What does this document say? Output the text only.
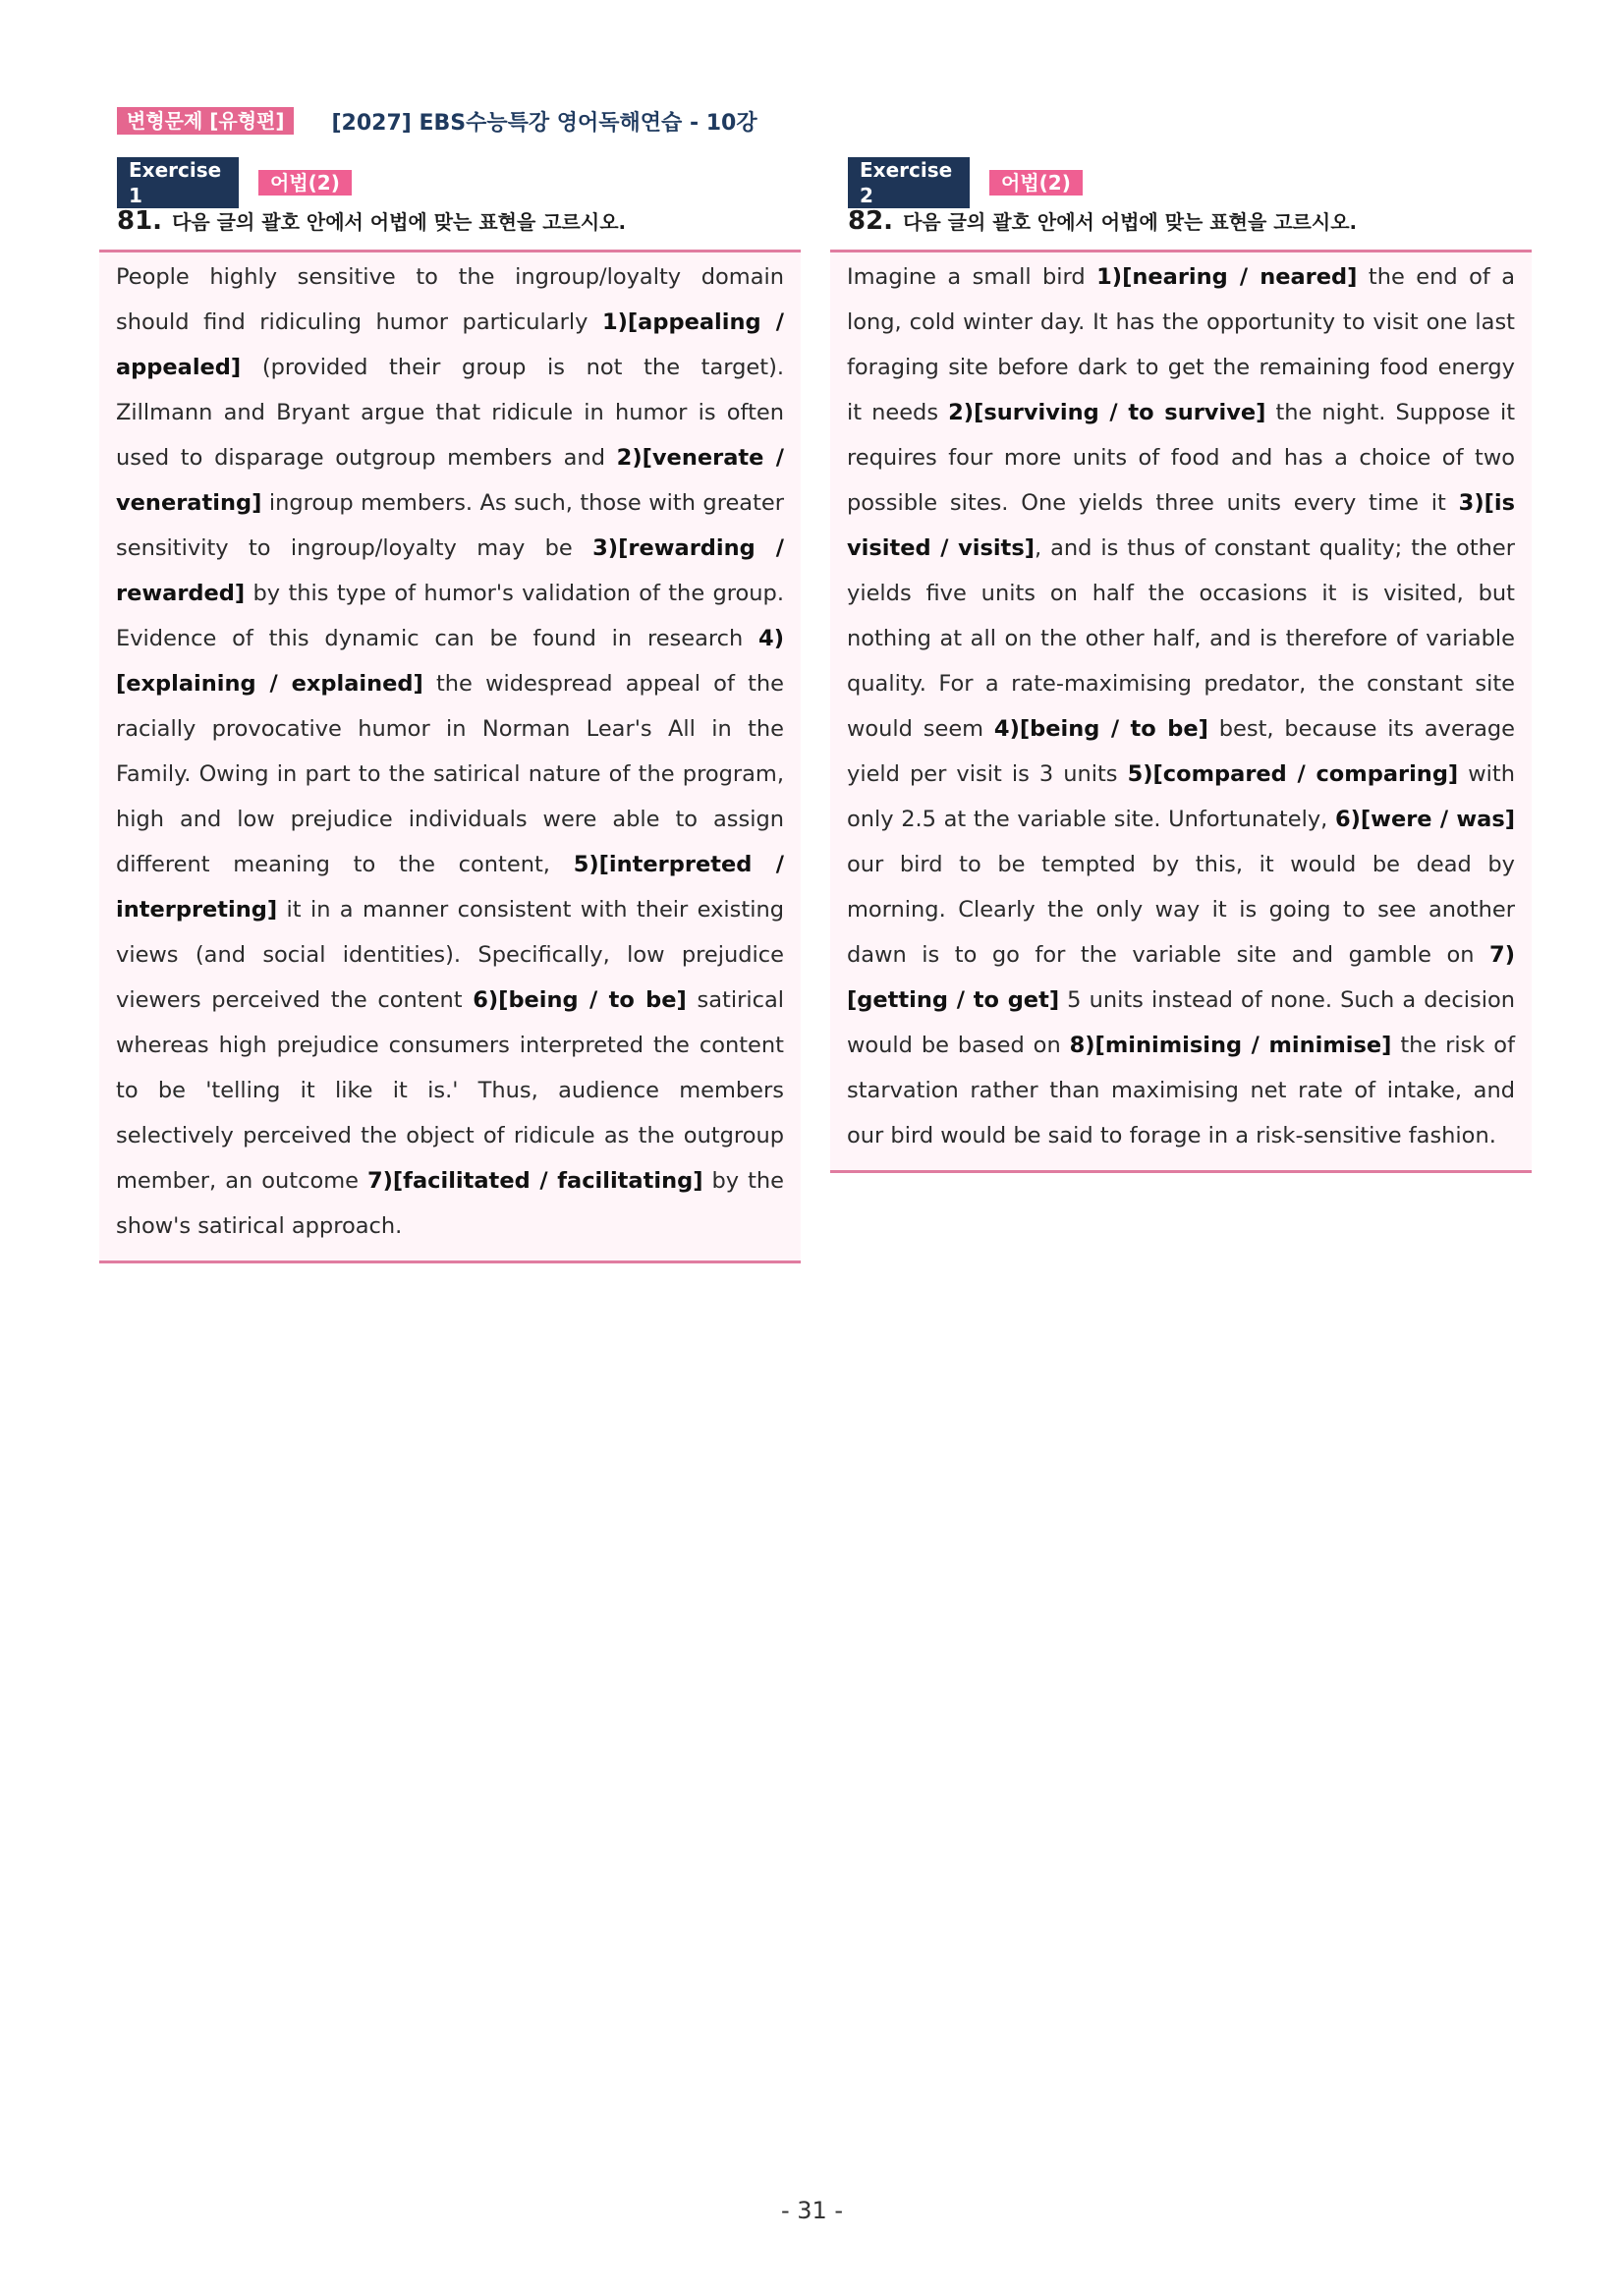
변형문제 [유형편]	[2027] EBS수능특강 영어독해연습 - 10강
Exercise 1
어법(2)
81. 다음 글의 괄호 안에서 어법에 맞는 표현을 고르시오.
People highly sensitive to the ingroup/loyalty domain should find ridiculing humor particularly 1)[appealing / appealed] (provided their group is not the target). Zillmann and Bryant argue that ridicule in humor is often used to disparage outgroup members and 2)[venerate / venerating] ingroup members. As such, those with greater sensitivity to ingroup/loyalty may be 3)[rewarding / rewarded] by this type of humor's validation of the group. Evidence of this dynamic can be found in research 4)[explaining / explained] the widespread appeal of the racially provocative humor in Norman Lear's All in the Family. Owing in part to the satirical nature of the program, high and low prejudice individuals were able to assign different meaning to the content, 5)[interpreted / interpreting] it in a manner consistent with their existing views (and social identities). Specifically, low prejudice viewers perceived the content 6)[being / to be] satirical whereas high prejudice consumers interpreted the content to be 'telling it like it is.' Thus, audience members selectively perceived the object of ridicule as the outgroup member, an outcome 7)[facilitated / facilitating] by the show's satirical approach.
Exercise 2
어법(2)
82. 다음 글의 괄호 안에서 어법에 맞는 표현을 고르시오.
Imagine a small bird 1)[nearing / neared] the end of a long, cold winter day. It has the opportunity to visit one last foraging site before dark to get the remaining food energy it needs 2)[surviving / to survive] the night. Suppose it requires four more units of food and has a choice of two possible sites. One yields three units every time it 3)[is visited / visits], and is thus of constant quality; the other yields five units on half the occasions it is visited, but nothing at all on the other half, and is therefore of variable quality. For a rate-maximising predator, the constant site would seem 4)[being / to be] best, because its average yield per visit is 3 units 5)[compared / comparing] with only 2.5 at the variable site. Unfortunately, 6)[were / was] our bird to be tempted by this, it would be dead by morning. Clearly the only way it is going to see another dawn is to go for the variable site and gamble on 7)[getting / to get] 5 units instead of none. Such a decision would be based on 8)[minimising / minimise] the risk of starvation rather than maximising net rate of intake, and our bird would be said to forage in a risk-sensitive fashion.
- 31 -
